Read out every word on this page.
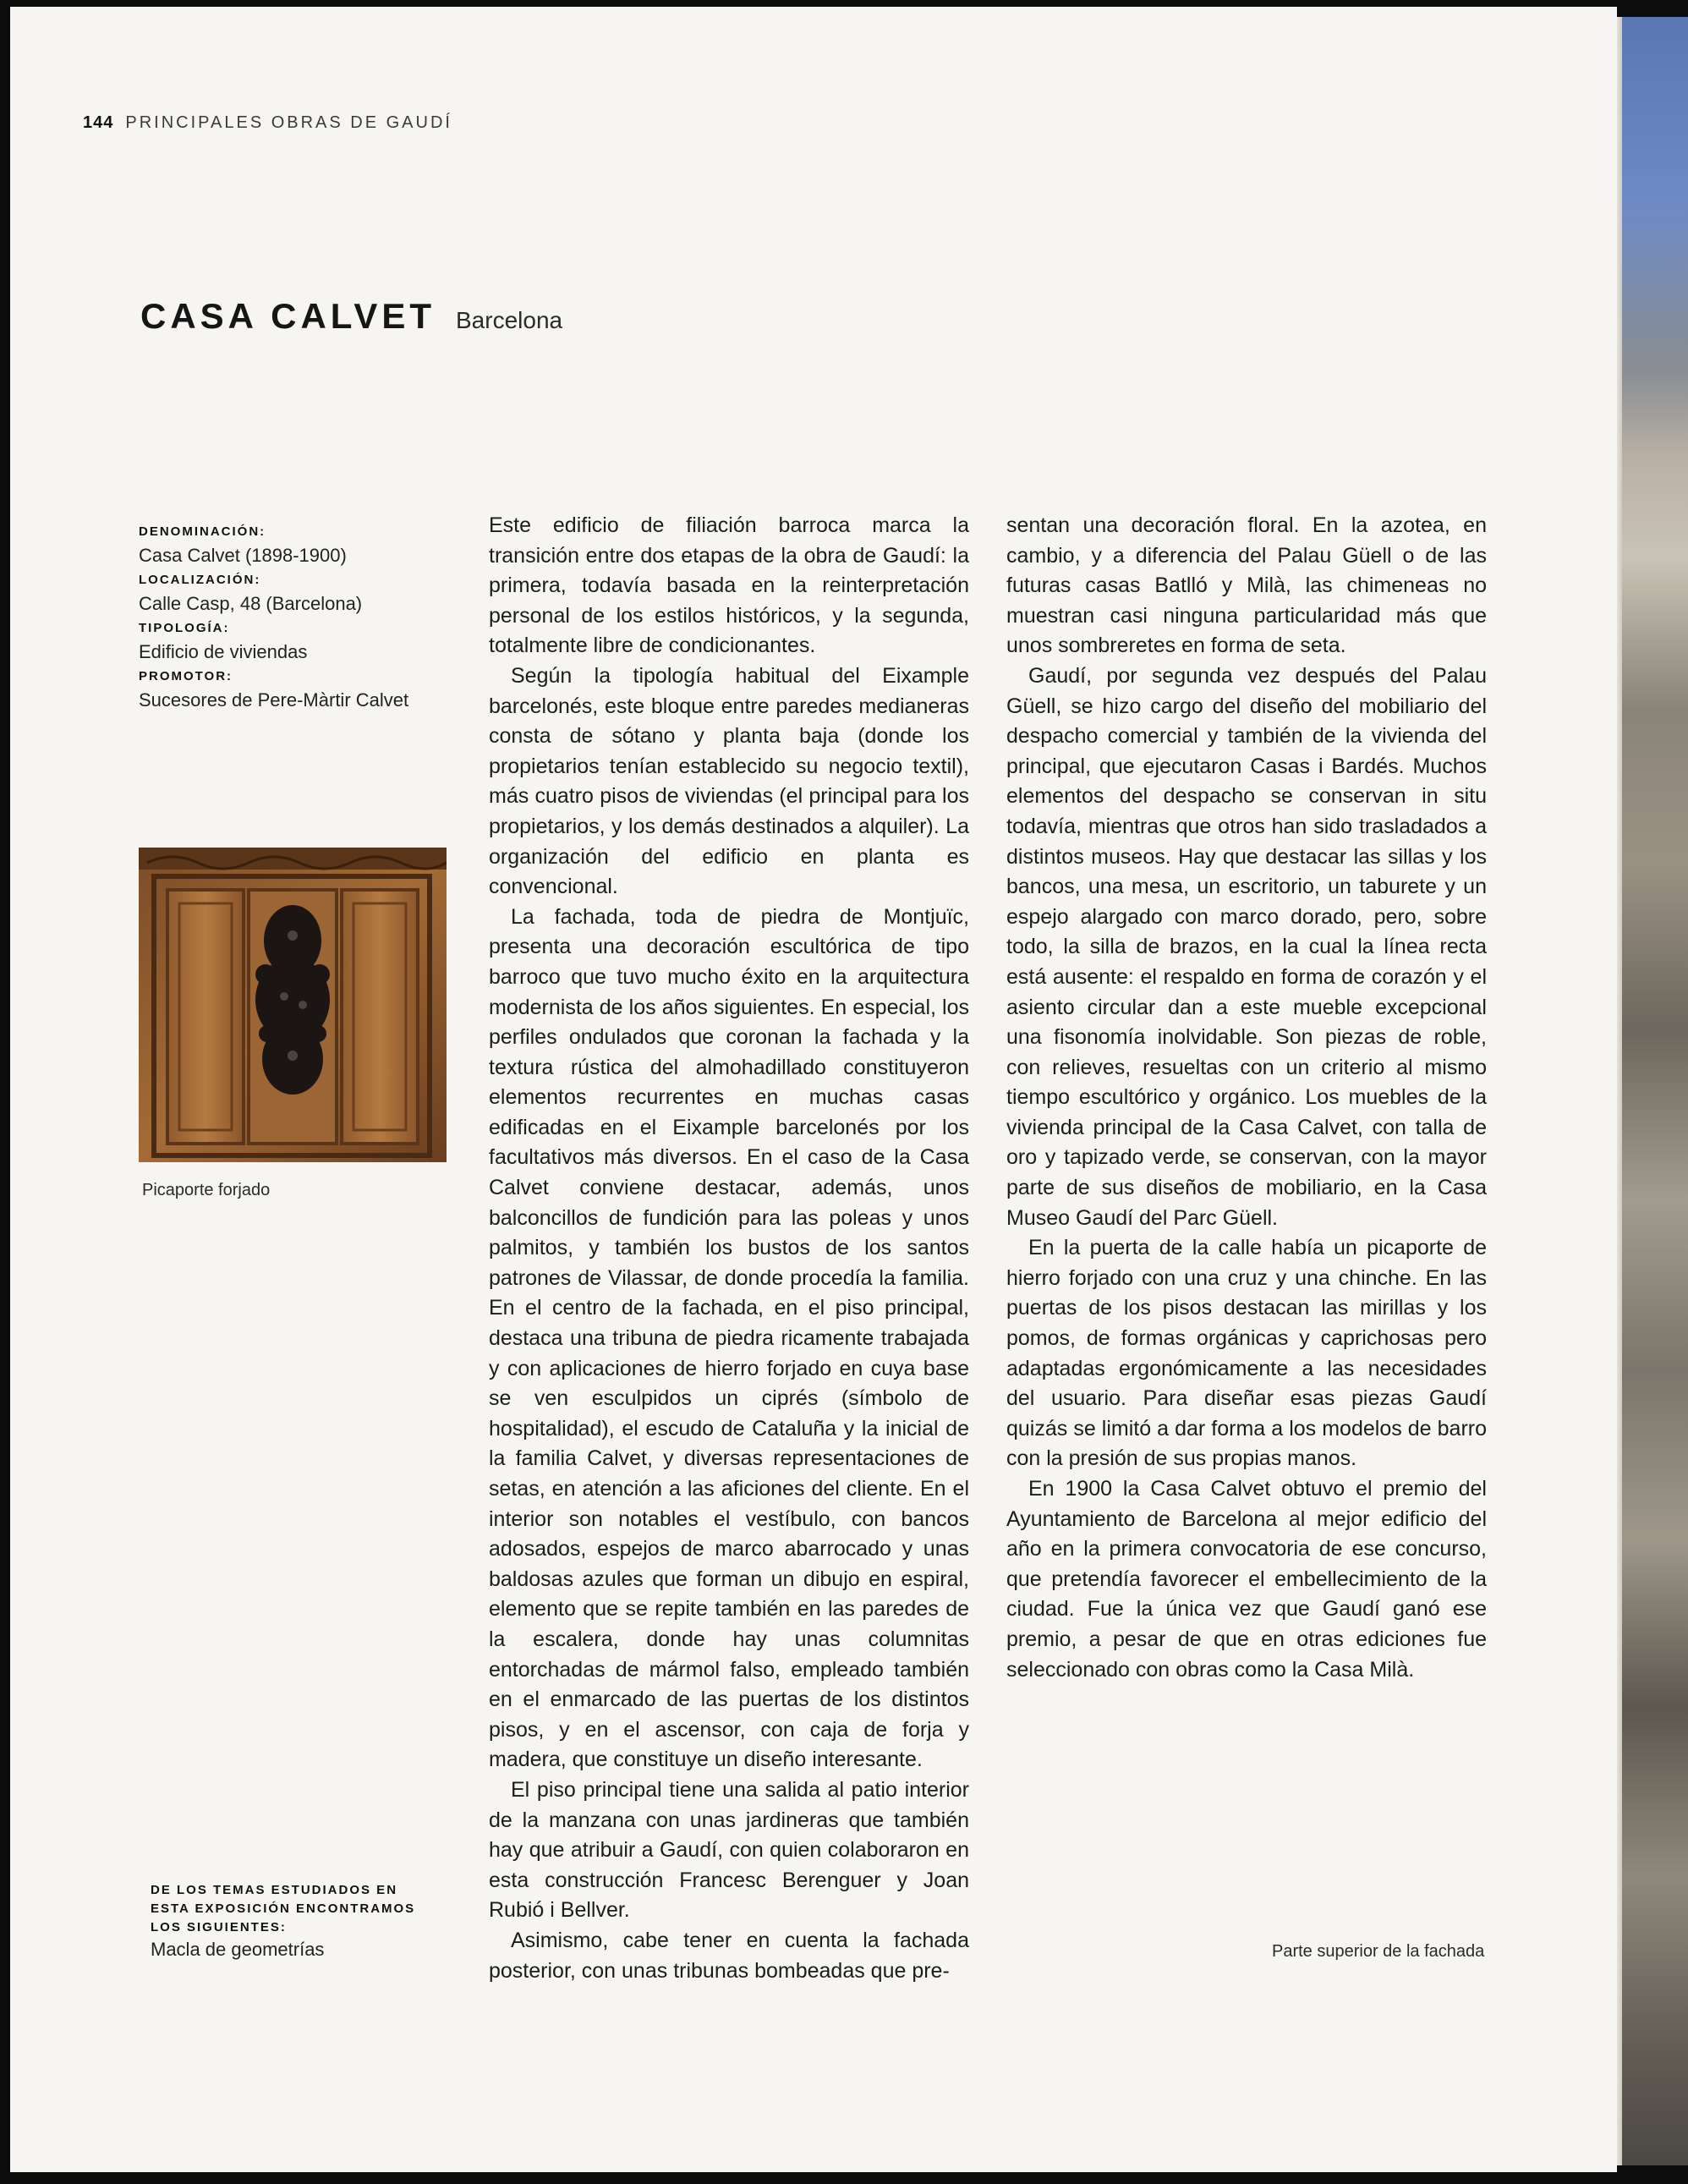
144 PRINCIPALES OBRAS DE GAUDÍ
CASA CALVET Barcelona
DENOMINACIÓN:
Casa Calvet (1898-1900)
LOCALIZACIÓN:
Calle Casp, 48 (Barcelona)
TIPOLOGÍA:
Edificio de viviendas
PROMOTOR:
Sucesores de Pere-Màrtir Calvet
Picaporte forjado
DE LOS TEMAS ESTUDIADOS EN
ESTA EXPOSICIÓN ENCONTRAMOS
LOS SIGUIENTES:
Macla de geometrías

Este edificio de filiación barroca marca la transición entre dos etapas de la obra de Gaudí: la primera, todavía basada en la reinterpretación personal de los estilos históricos, y la segunda, totalmente libre de condicionantes.

Según la tipología habitual del Eixample barcelonés, este bloque entre paredes medianeras consta de sótano y planta baja (donde los propietarios tenían establecido su negocio textil), más cuatro pisos de viviendas (el principal para los propietarios, y los demás destinados a alquiler). La organización del edificio en planta es convencional.

La fachada, toda de piedra de Montjuïc, presenta una decoración escultórica de tipo barroco que tuvo mucho éxito en la arquitectura modernista de los años siguientes. En especial, los perfiles ondulados que coronan la fachada y la textura rústica del almohadillado constituyeron elementos recurrentes en muchas casas edificadas en el Eixample barcelonés por los facultativos más diversos. En el caso de la Casa Calvet conviene destacar, además, unos balconcillos de fundición para las poleas y unos palmitos, y también los bustos de los santos patrones de Vilassar, de donde procedía la familia. En el centro de la fachada, en el piso principal, destaca una tribuna de piedra ricamente trabajada y con aplicaciones de hierro forjado en cuya base se ven esculpidos un ciprés (símbolo de hospitalidad), el escudo de Cataluña y la inicial de la familia Calvet, y diversas representaciones de setas, en atención a las aficiones del cliente. En el interior son notables el vestíbulo, con bancos adosados, espejos de marco abarrocado y unas baldosas azules que forman un dibujo en espiral, elemento que se repite también en las paredes de la escalera, donde hay unas columnitas entorchadas de mármol falso, empleado también en el enmarcado de las puertas de los distintos pisos, y en el ascensor, con caja de forja y madera, que constituye un diseño interesante.

El piso principal tiene una salida al patio interior de la manzana con unas jardineras que también hay que atribuir a Gaudí, con quien colaboraron en esta construcción Francesc Berenguer y Joan Rubió i Bellver.

Asimismo, cabe tener en cuenta la fachada posterior, con unas tribunas bombeadas que pre-

sentan una decoración floral. En la azotea, en cambio, y a diferencia del Palau Güell o de las futuras casas Batlló y Milà, las chimeneas no muestran casi ninguna particularidad más que unos sombreretes en forma de seta.

Gaudí, por segunda vez después del Palau Güell, se hizo cargo del diseño del mobiliario del despacho comercial y también de la vivienda del principal, que ejecutaron Casas i Bardés. Muchos elementos del despacho se conservan in situ todavía, mientras que otros han sido trasladados a distintos museos. Hay que destacar las sillas y los bancos, una mesa, un escritorio, un taburete y un espejo alargado con marco dorado, pero, sobre todo, la silla de brazos, en la cual la línea recta está ausente: el respaldo en forma de corazón y el asiento circular dan a este mueble excepcional una fisonomía inolvidable. Son piezas de roble, con relieves, resueltas con un criterio al mismo tiempo escultórico y orgánico. Los muebles de la vivienda principal de la Casa Calvet, con talla de oro y tapizado verde, se conservan, con la mayor parte de sus diseños de mobiliario, en la Casa Museo Gaudí del Parc Güell.

En la puerta de la calle había un picaporte de hierro forjado con una cruz y una chinche. En las puertas de los pisos destacan las mirillas y los pomos, de formas orgánicas y caprichosas pero adaptadas ergonómicamente a las necesidades del usuario. Para diseñar esas piezas Gaudí quizás se limitó a dar forma a los modelos de barro con la presión de sus propias manos.

En 1900 la Casa Calvet obtuvo el premio del Ayuntamiento de Barcelona al mejor edificio del año en la primera convocatoria de ese concurso, que pretendía favorecer el embellecimiento de la ciudad. Fue la única vez que Gaudí ganó ese premio, a pesar de que en otras ediciones fue seleccionado con obras como la Casa Milà.

Parte superior de la fachada
